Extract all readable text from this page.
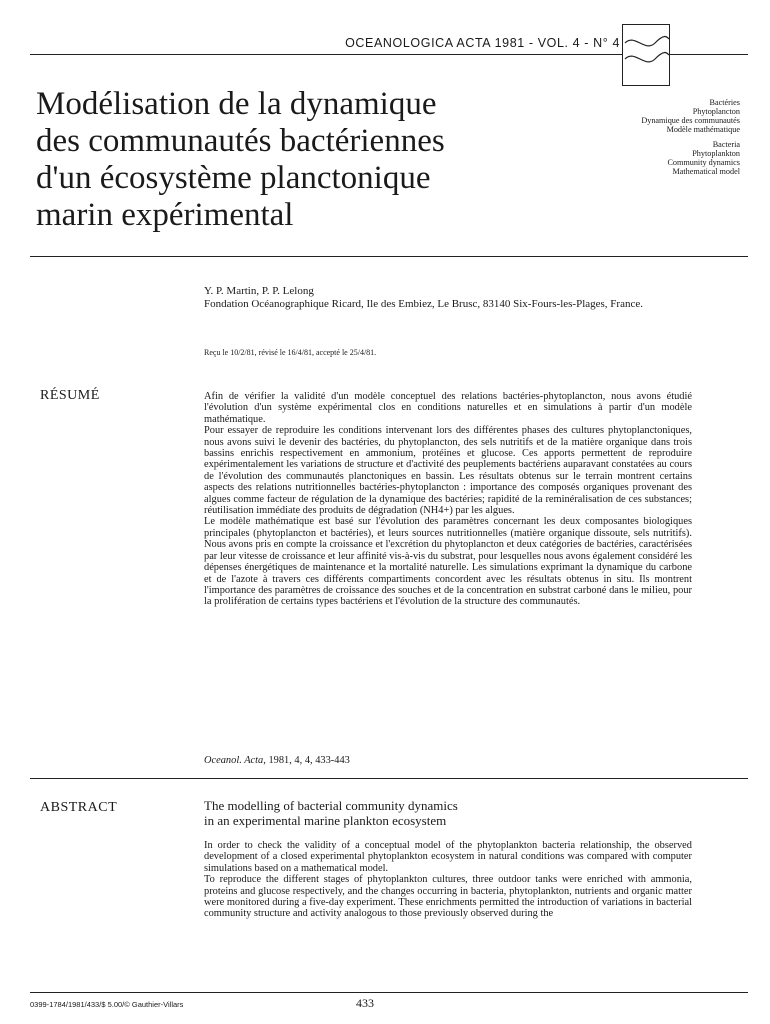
OCEANOLOGICA ACTA 1981 - VOL. 4 - N° 4
Modélisation de la dynamique
des communautés bactériennes
d'un écosystème planctonique
marin expérimental
Bactéries
Phytoplancton
Dynamique des communautés
Modèle mathématique
Bacteria
Phytoplankton
Community dynamics
Mathematical model
Y. P. Martin, P. P. Lelong
Fondation Océanographique Ricard, Ile des Embiez, Le Brusc, 83140 Six-Fours-les-Plages, France.
Reçu le 10/2/81, révisé le 16/4/81, accepté le 25/4/81.
RÉSUMÉ	Afin de vérifier la validité d'un modèle conceptuel des relations bactéries-phytoplancton, nous avons étudié l'évolution d'un système expérimental clos en conditions naturelles et en simulations à partir d'un modèle mathématique.

Pour essayer de reproduire les conditions intervenant lors des différentes phases des cultures phytoplanctoniques, nous avons suivi le devenir des bactéries, du phytoplancton, des sels nutritifs et de la matière organique dans trois bassins enrichis respectivement en ammonium, protéines et glucose. Ces apports permettent de reproduire expérimentalement les variations de structure et d'activité des peuplements bactériens auparavant constatées au cours de l'évolution des communautés planctoniques en bassin. Les résultats obtenus sur le terrain montrent certains aspects des relations nutritionnelles bactéries-phytoplancton : importance des composés organiques provenant des algues comme facteur de régulation de la dynamique des bactéries; rapidité de la reminéralisation de ces substances; réutilisation immédiate des produits de dégradation (NH4+) par les algues.

Le modèle mathématique est basé sur l'évolution des paramètres concernant les deux composantes biologiques principales (phytoplancton et bactéries), et leurs sources nutritionnelles (matière organique dissoute, sels nutritifs). Nous avons pris en compte la croissance et l'excrétion du phytoplancton et deux catégories de bactéries, caractérisées par leur vitesse de croissance et leur affinité vis-à-vis du substrat, pour lesquelles nous avons également considéré les dépenses énergétiques de maintenance et la mortalité naturelle. Les simulations exprimant la dynamique du carbone et de l'azote à travers ces différents compartiments concordent avec les résultats obtenus in situ. Ils montrent l'importance des paramètres de croissance des souches et de la concentration en substrat carboné dans le milieu, pour la prolifération de certains types bactériens et l'évolution de la structure des communautés.

Oceanol. Acta, 1981, 4, 4, 433-443
ABSTRACT	The modelling of bacterial community dynamics
in an experimental marine plankton ecosystem

In order to check the validity of a conceptual model of the phytoplankton bacteria relationship, the observed development of a closed experimental phytoplankton ecosystem in natural conditions was compared with computer simulations based on a mathematical model.

To reproduce the different stages of phytoplankton cultures, three outdoor tanks were enriched with ammonia, proteins and glucose respectively, and the changes occurring in bacteria, phytoplankton, nutrients and organic matter were monitored during a five-day experiment. These enrichments permitted the introduction of variations in bacterial community structure and activity analogous to those previously observed during the

0399-1784/1981/433/$ 5.00/© Gauthier-Villars	433
